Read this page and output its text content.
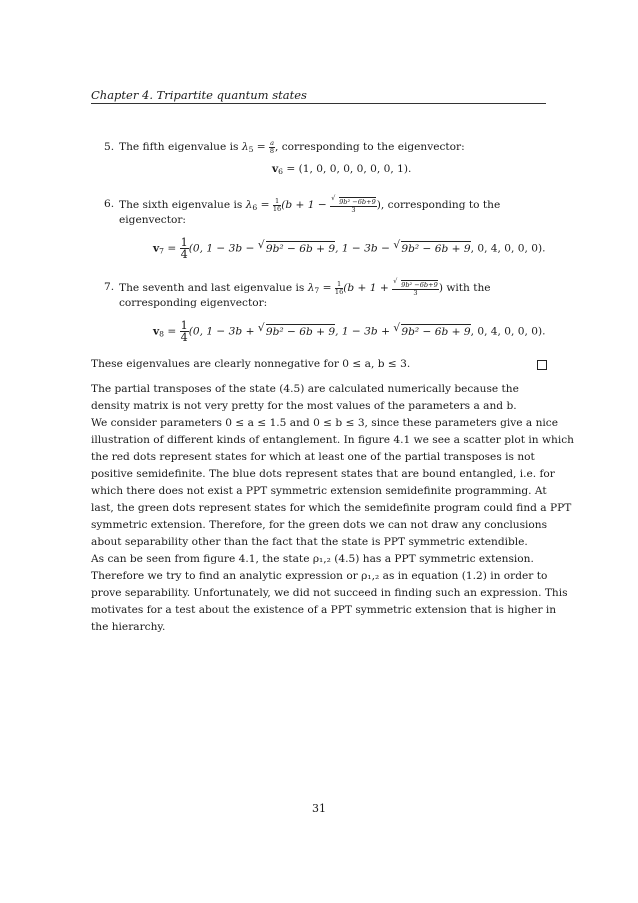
Chapter 4. Tripartite quantum states
5. The fifth eigenvalue is $\lambda_5 = \frac{a}{8}$ , corresponding to the eigenvector:
$v_6 = (1$, 0, 0, 0, 0, 0, 0, 1).
6. The sixth eigenvalue is $\lambda_6 = \frac{1}{16} (b + 1$ − √ $\frac{\text{9b² −6b+9}}{3}$ ), corresponding to the
eigenvector:
$v_7 = \frac{1}{4} (0$, 1 − 3b − √ 9b² − 6b + 9, 1 − 3b − √ 9b² − 6b + 9, 0, 4, 0, 0, 0).
7. The seventh and last eigenvalue is $\lambda_7 = \frac{1}{16} (b + 1$ + √ $\frac{\text{9b² −6b+9}}{3}$ ) with the
corresponding eigenvector:
$v_8 = \frac{1}{4} (0$, 1 − 3b + √ 9b² − 6b + 9, 1 − 3b + √ 9b² − 6b + 9, 0, 4, 0, 0, 0).
These eigenvalues are clearly nonnegative for 0 ≤ a, b ≤ 3.
The partial transposes of the state (4.5) are calculated numerically because the
density matrix is not very pretty for the most values of the parameters a and b.
We consider parameters 0 ≤ a ≤ 1.5 and 0 ≤ b ≤ 3, since these parameters give a nice
illustration of different kinds of entanglement. In figure 4.1 we see a scatter plot in which
the red dots represent states for which at least one of the partial transposes is not
positive semidefinite. The blue dots represent states that are bound entangled, i.e. for
which there does not exist a PPT symmetric extension semidefinite programming. At
last, the green dots represent states for which the semidefinite program could find a PPT
symmetric extension. Therefore, for the green dots we can not draw any conclusions
about separability other than the fact that the state is PPT symmetric extendible.
As can be seen from figure 4.1, the state ρ₁,₂ (4.5) has a PPT symmetric extension.
Therefore we try to find an analytic expression or ρ₁,₂ as in equation (1.2) in order to
prove separability. Unfortunately, we did not succeed in finding such an expression. This
motivates for a test about the existence of a PPT symmetric extension that is higher in
the hierarchy.
31
